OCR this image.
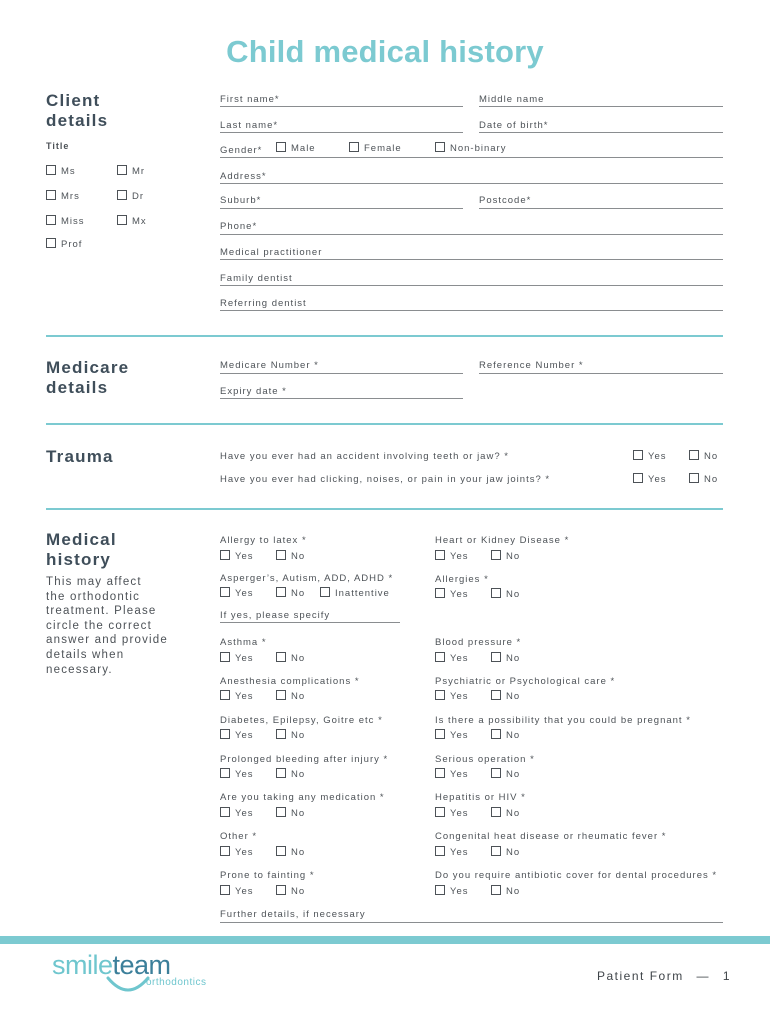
Child medical history
Client
details
Title
Ms	Mr
Mrs	Dr
Miss	Mx
Prof
First name*	Middle name
Last name*	Date of birth*
Gender*	Male	Female	Non-binary
Address*
Suburb*	Postcode*
Phone*
Medical practitioner
Family dentist
Referring dentist
Medicare
details
Medicare Number *	Reference Number *
Expiry date *
Trauma	Have you ever had an accident involving teeth or jaw? *	Yes	No
Have you ever had clicking, noises, or pain in your jaw joints? *	Yes	No
Medical
history
This may affect
the orthodontic
treatment. Please
circle the correct
answer and provide
details when
necessary.
Allergy to latex *
Yes	No
Heart or Kidney Disease *
Yes	No
Asperger’s, Autism, ADD, ADHD *
Yes	No	Inattentive
If yes, please specify
Allergies *
Yes	No
Asthma *
Yes	No
Blood pressure *
Yes	No
Anesthesia complications *
Yes	No
Psychiatric or Psychological care *
Yes	No
Diabetes, Epilepsy, Goitre etc *
Yes	No
Is there a possibility that you could be pregnant *
Yes	No
Prolonged bleeding after injury *
Yes	No
Serious operation *
Yes	No
Are you taking any medication *
Yes	No
Hepatitis or HIV *
Yes	No
Other *
Yes	No
Congenital heat disease or rheumatic fever *
Yes	No
Prone to fainting *
Yes	No
Do you require antibiotic cover for dental procedures *
Yes	No
Further details, if necessary
smileteam
orthodontics	Patient Form — 1
